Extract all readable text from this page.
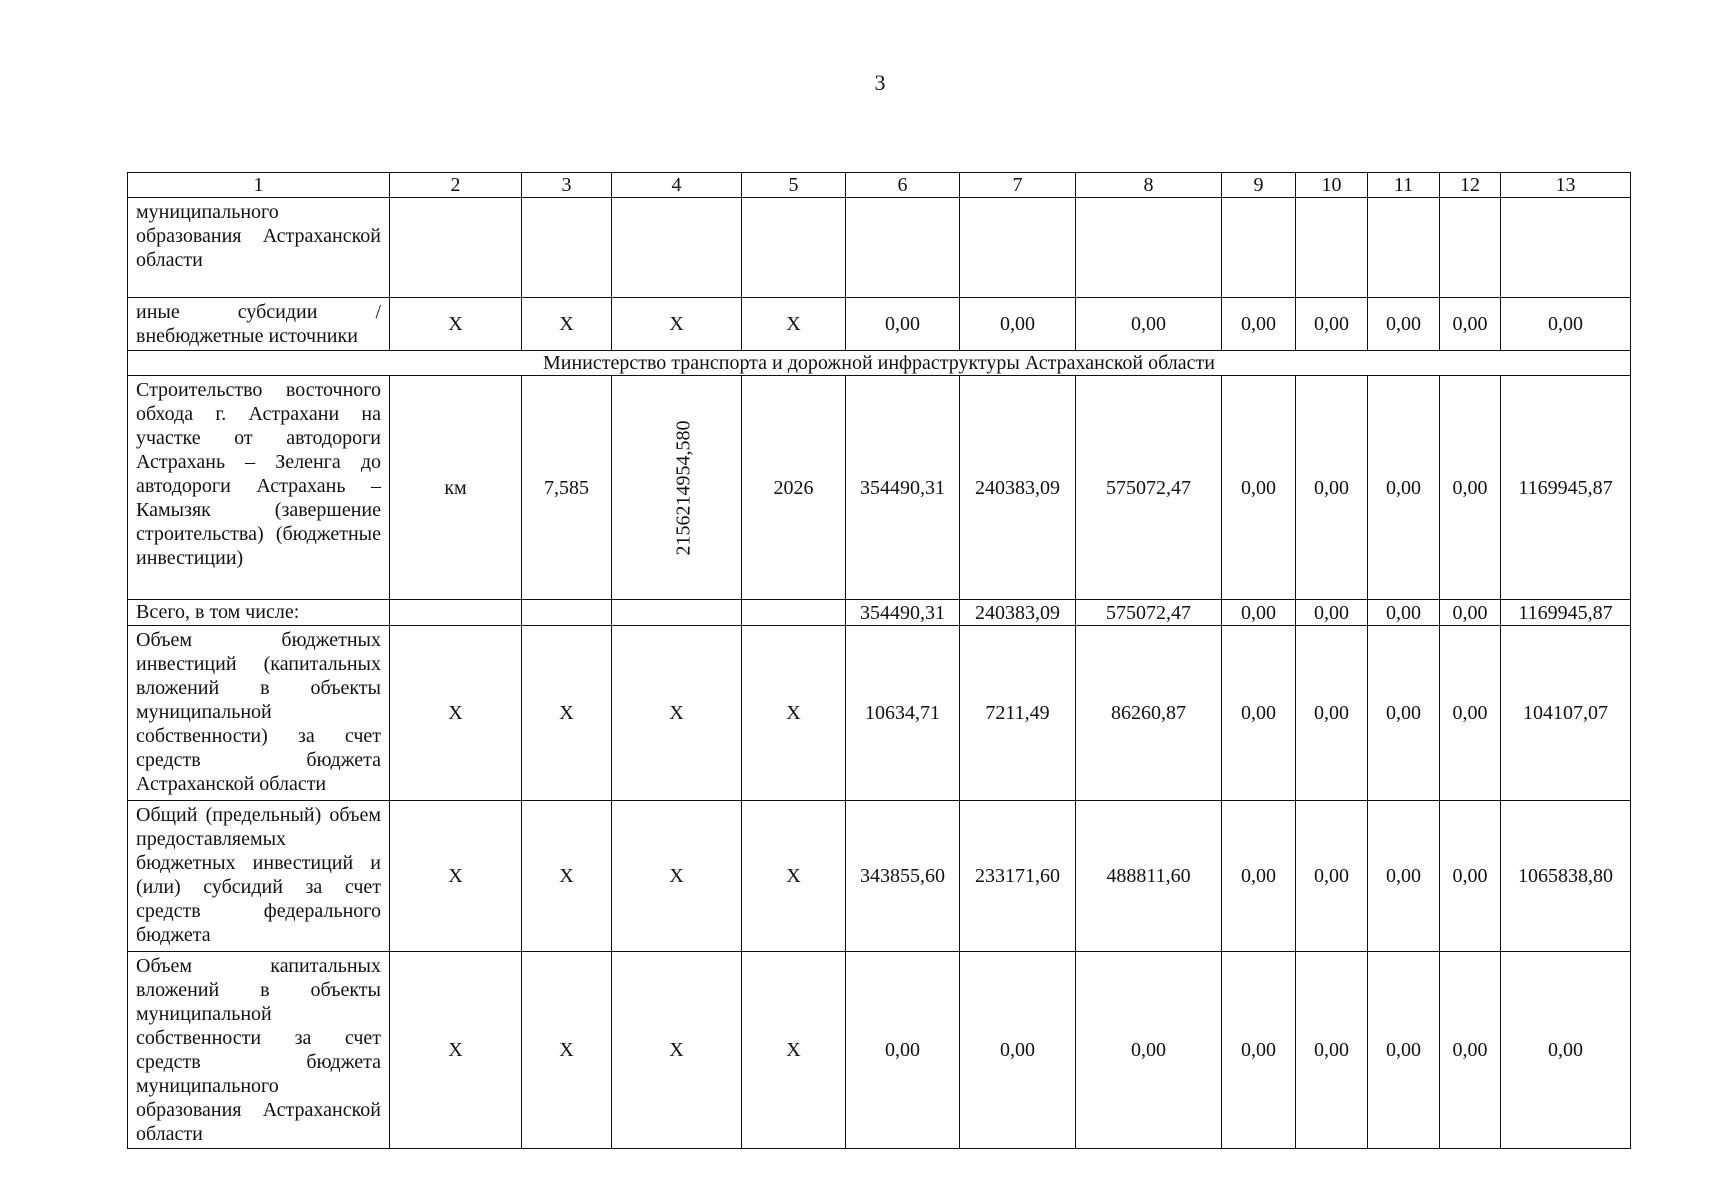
3
1	2	3	4	5	6	7	8	9	10	11	12	13
муниципального образования Астраханской области												
иные субсидии / внебюджетные источники	Х	Х	Х	Х	0,00	0,00	0,00	0,00	0,00	0,00	0,00	0,00
Министерство транспорта и дорожной инфраструктуры Астраханской области												
Строительство восточного обхода г. Астрахани на участке от автодороги Астрахань – Зеленга до автодороги Астрахань – Камызяк (завершение строительства) (бюджетные инвестиции)	км	7,585	2156214954,580	2026	354490,31	240383,09	575072,47	0,00	0,00	0,00	0,00	1169945,87
Всего, в том числе:					354490,31	240383,09	575072,47	0,00	0,00	0,00	0,00	1169945,87
Объем бюджетных инвестиций (капитальных вложений в объекты муниципальной собственности) за счет средств бюджета Астраханской области	Х	Х	Х	Х	10634,71	7211,49	86260,87	0,00	0,00	0,00	0,00	104107,07
Общий (предельный) объем предоставляемых бюджетных инвестиций и (или) субсидий за счет средств федерального бюджета	Х	Х	Х	Х	343855,60	233171,60	488811,60	0,00	0,00	0,00	0,00	1065838,80
Объем капитальных вложений в объекты муниципальной собственности за счет средств бюджета муниципального образования Астраханской области	Х	Х	Х	Х	0,00	0,00	0,00	0,00	0,00	0,00	0,00	0,00
